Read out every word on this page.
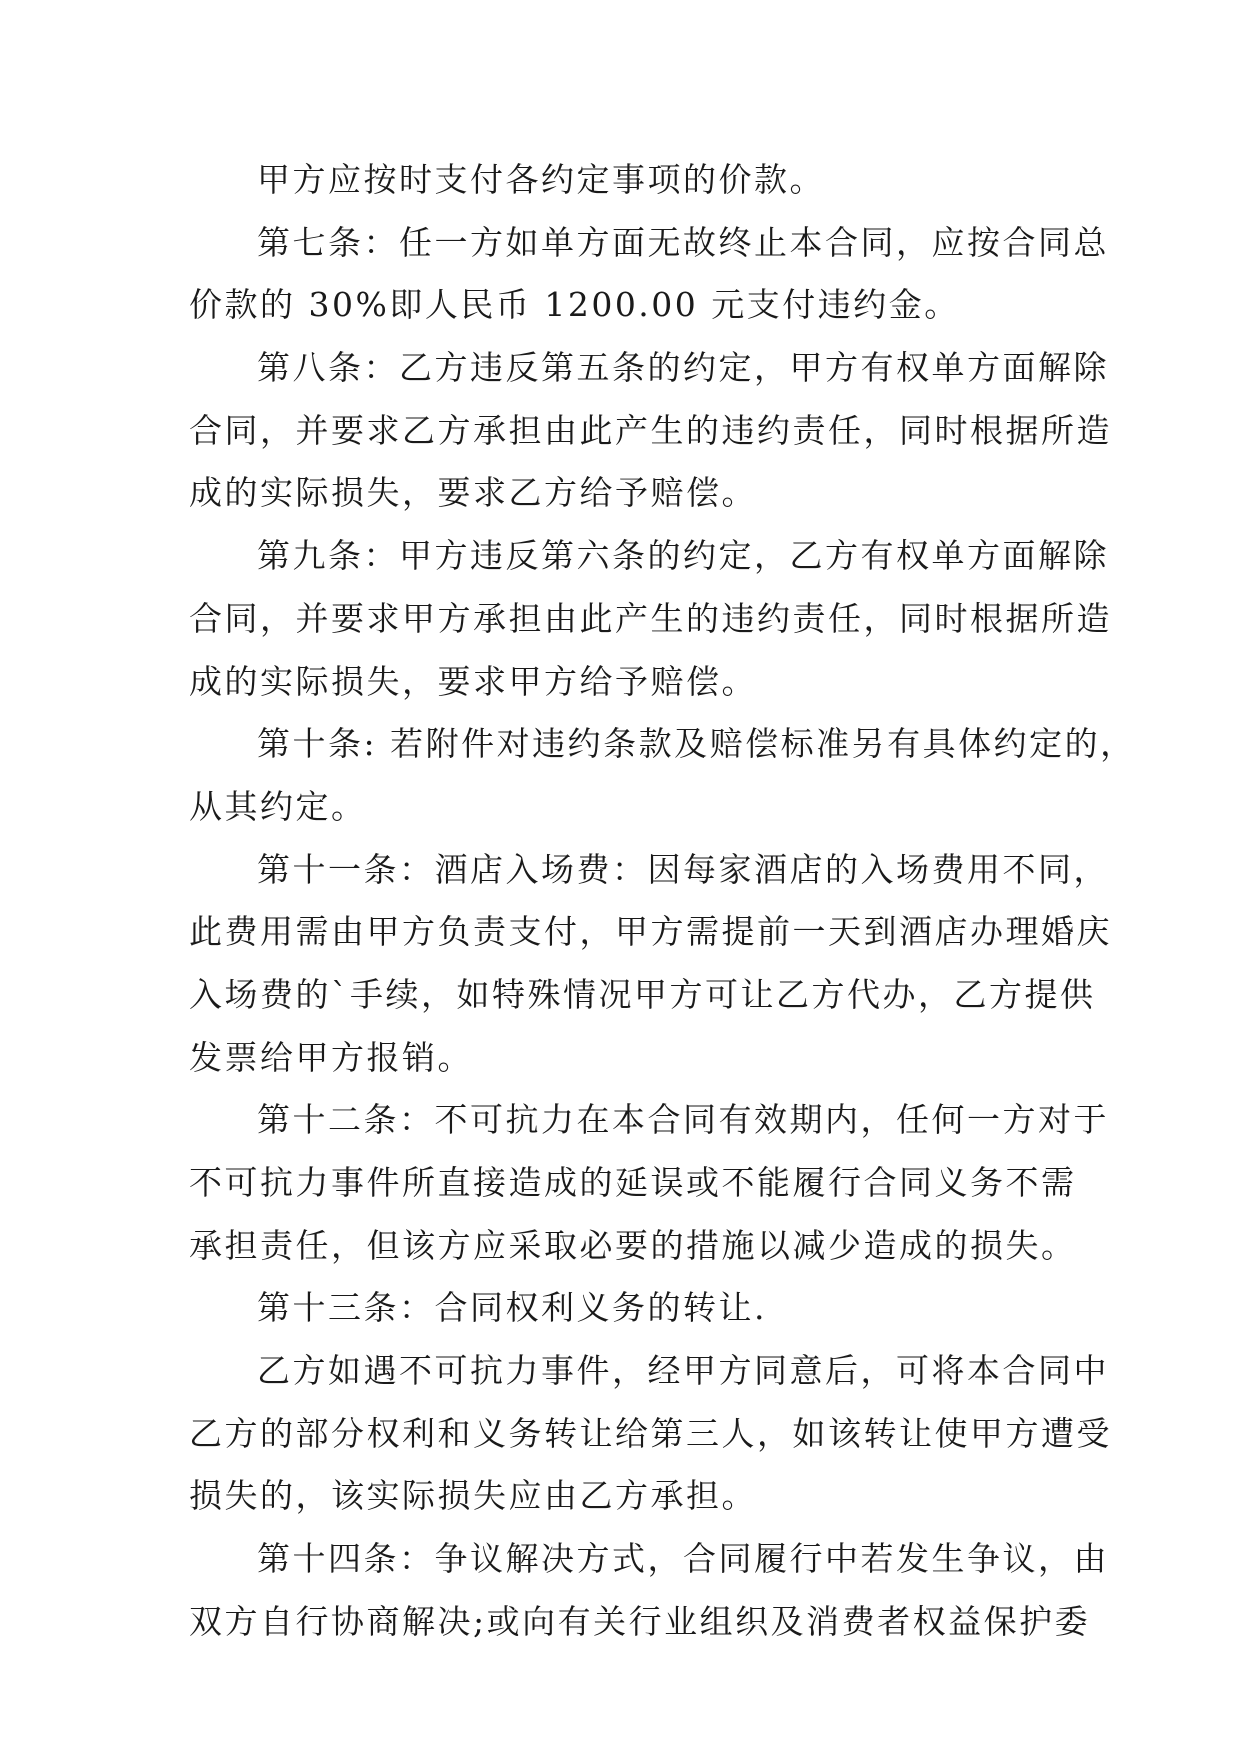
甲方应按时支付各约定事项的价款。
第七条：任一方如单方面无故终止本合同，应按合同总
价款的 30%即人民币 1200.00 元支付违约金。
第八条：乙方违反第五条的约定，甲方有权单方面解除
合同，并要求乙方承担由此产生的违约责任，同时根据所造
成的实际损失，要求乙方给予赔偿。
第九条：甲方违反第六条的约定，乙方有权单方面解除
合同，并要求甲方承担由此产生的违约责任，同时根据所造
成的实际损失，要求甲方给予赔偿。
第十条: 若附件对违约条款及赔偿标准另有具体约定的，
从其约定。
第十一条：酒店入场费：因每家酒店的入场费用不同，
此费用需由甲方负责支付，甲方需提前一天到酒店办理婚庆
入场费的`手续，如特殊情况甲方可让乙方代办，乙方提供
发票给甲方报销。
第十二条：不可抗力在本合同有效期内，任何一方对于
不可抗力事件所直接造成的延误或不能履行合同义务不需
承担责任，但该方应采取必要的措施以减少造成的损失。
第十三条：合同权利义务的转让.
乙方如遇不可抗力事件，经甲方同意后，可将本合同中
乙方的部分权利和义务转让给第三人，如该转让使甲方遭受
损失的，该实际损失应由乙方承担。
第十四条：争议解决方式，合同履行中若发生争议，由
双方自行协商解决;或向有关行业组织及消费者权益保护委
